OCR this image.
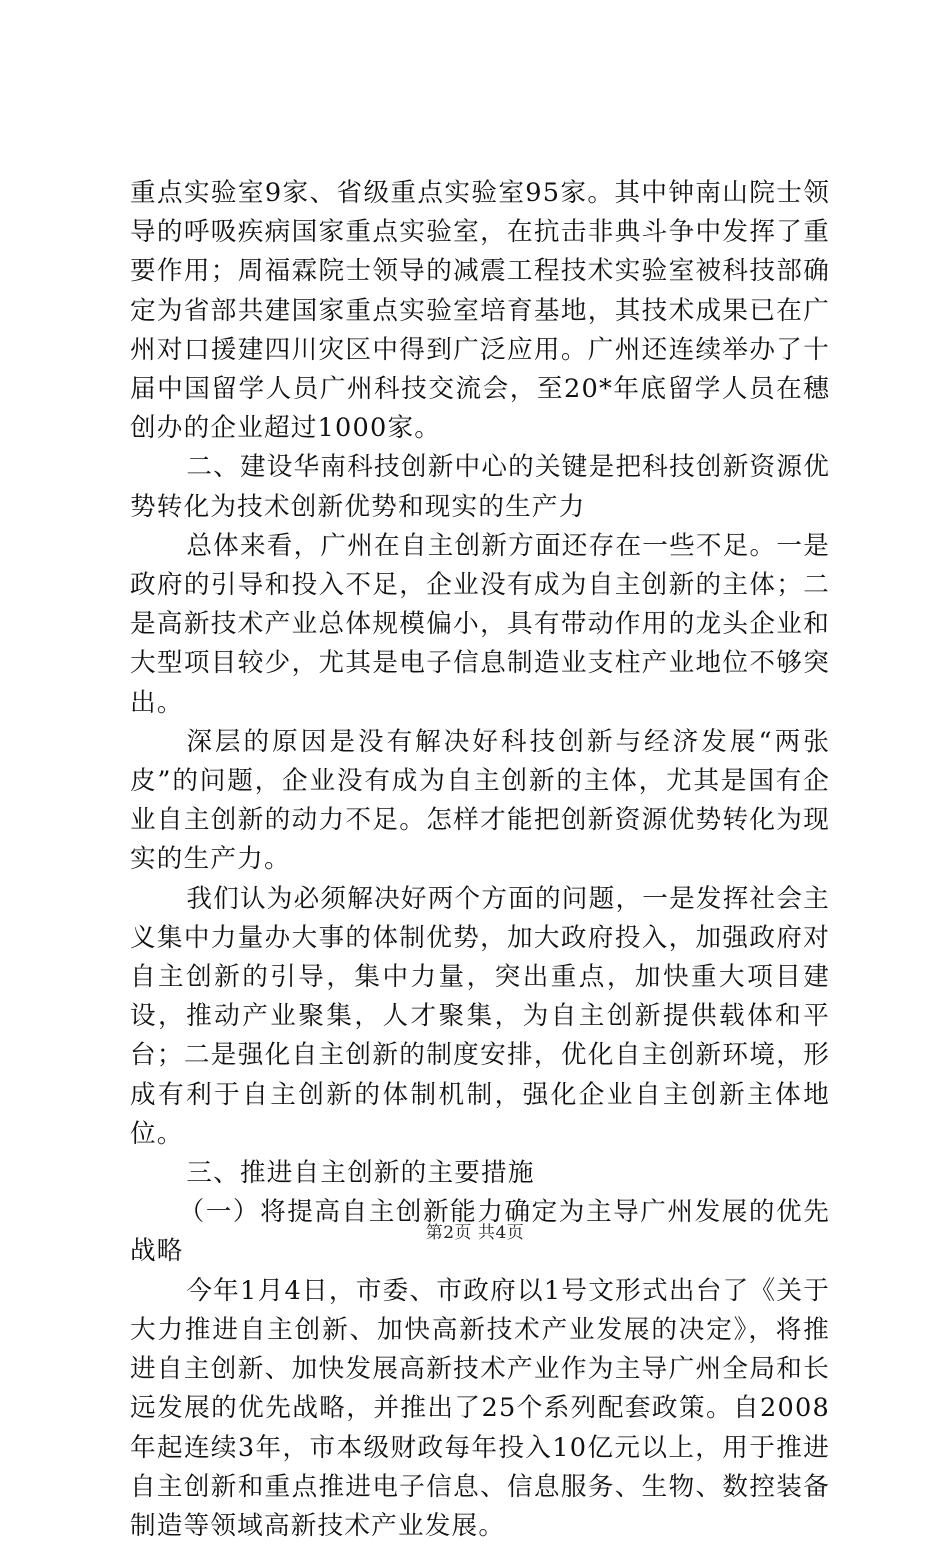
重点实验室9家、省级重点实验室95家。其中钟南山院士领导的呼吸疾病国家重点实验室，在抗击非典斗争中发挥了重要作用；周福霖院士领导的减震工程技术实验室被科技部确定为省部共建国家重点实验室培育基地，其技术成果已在广州对口援建四川灾区中得到广泛应用。广州还连续举办了十届中国留学人员广州科技交流会，至20*年底留学人员在穗创办的企业超过1000家。

二、建设华南科技创新中心的关键是把科技创新资源优势转化为技术创新优势和现实的生产力

总体来看，广州在自主创新方面还存在一些不足。一是政府的引导和投入不足，企业没有成为自主创新的主体；二是高新技术产业总体规模偏小，具有带动作用的龙头企业和大型项目较少，尤其是电子信息制造业支柱产业地位不够突出。

深层的原因是没有解决好科技创新与经济发展“两张皮”的问题，企业没有成为自主创新的主体，尤其是国有企业自主创新的动力不足。怎样才能把创新资源优势转化为现实的生产力。

我们认为必须解决好两个方面的问题，一是发挥社会主义集中力量办大事的体制优势，加大政府投入，加强政府对自主创新的引导，集中力量，突出重点，加快重大项目建设，推动产业聚集，人才聚集，为自主创新提供载体和平台；二是强化自主创新的制度安排，优化自主创新环境，形成有利于自主创新的体制机制，强化企业自主创新主体地位。

三、推进自主创新的主要措施

（一）将提高自主创新能力确定为主导广州发展的优先战略

今年1月4日，市委、市政府以1号文形式出台了《关于大力推进自主创新、加快高新技术产业发展的决定》，将推进自主创新、加快发展高新技术产业作为主导广州全局和长远发展的优先战略，并推出了25个系列配套政策。自2008年起连续3年，市本级财政每年投入10亿元以上，用于推进自主创新和重点推进电子信息、信息服务、生物、数控装备制造等领域高新技术产业发展。

第2页 共4页
